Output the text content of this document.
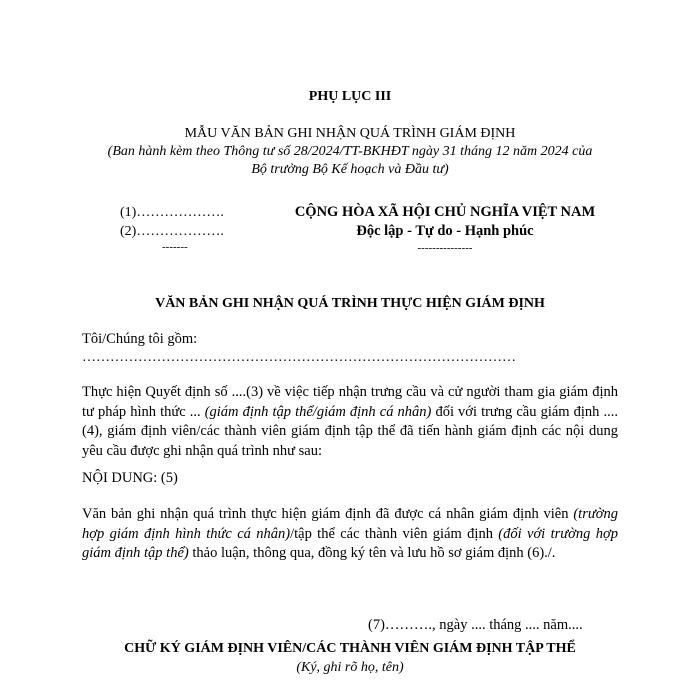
PHỤ LỤC III
MẪU VĂN BẢN GHI NHẬN QUÁ TRÌNH GIÁM ĐỊNH
(Ban hành kèm theo Thông tư số 28/2024/TT-BKHĐT ngày 31 tháng 12 năm 2024 của
Bộ trưởng Bộ Kế hoạch và Đầu tư)
(1)……………….
(2)……………….
-------
CỘNG HÒA XÃ HỘI CHỦ NGHĨA VIỆT NAM
Độc lập - Tự do - Hạnh phúc
---------------
VĂN BẢN GHI NHẬN QUÁ TRÌNH THỰC HIỆN GIÁM ĐỊNH
Tôi/Chúng tôi gồm:
…………………………………………………………………………………
Thực hiện Quyết định số ....(3) về việc tiếp nhận trưng cầu và cử người tham gia giám định tư pháp hình thức ... (giám định tập thể/giám định cá nhân) đối với trưng cầu giám định ....(4), giám định viên/các thành viên giám định tập thể đã tiến hành giám định các nội dung yêu cầu được ghi nhận quá trình như sau:
NỘI DUNG: (5)
Văn bản ghi nhận quá trình thực hiện giám định đã được cá nhân giám định viên (trường hợp giám định hình thức cá nhân)/tập thể các thành viên giám định (đối với trường hợp giám định tập thể) thảo luận, thông qua, đồng ký tên và lưu hồ sơ giám định (6)./.
(7)………., ngày .... tháng .... năm....
CHỮ KÝ GIÁM ĐỊNH VIÊN/CÁC THÀNH VIÊN GIÁM ĐỊNH TẬP THỂ
(Ký, ghi rõ họ, tên)
